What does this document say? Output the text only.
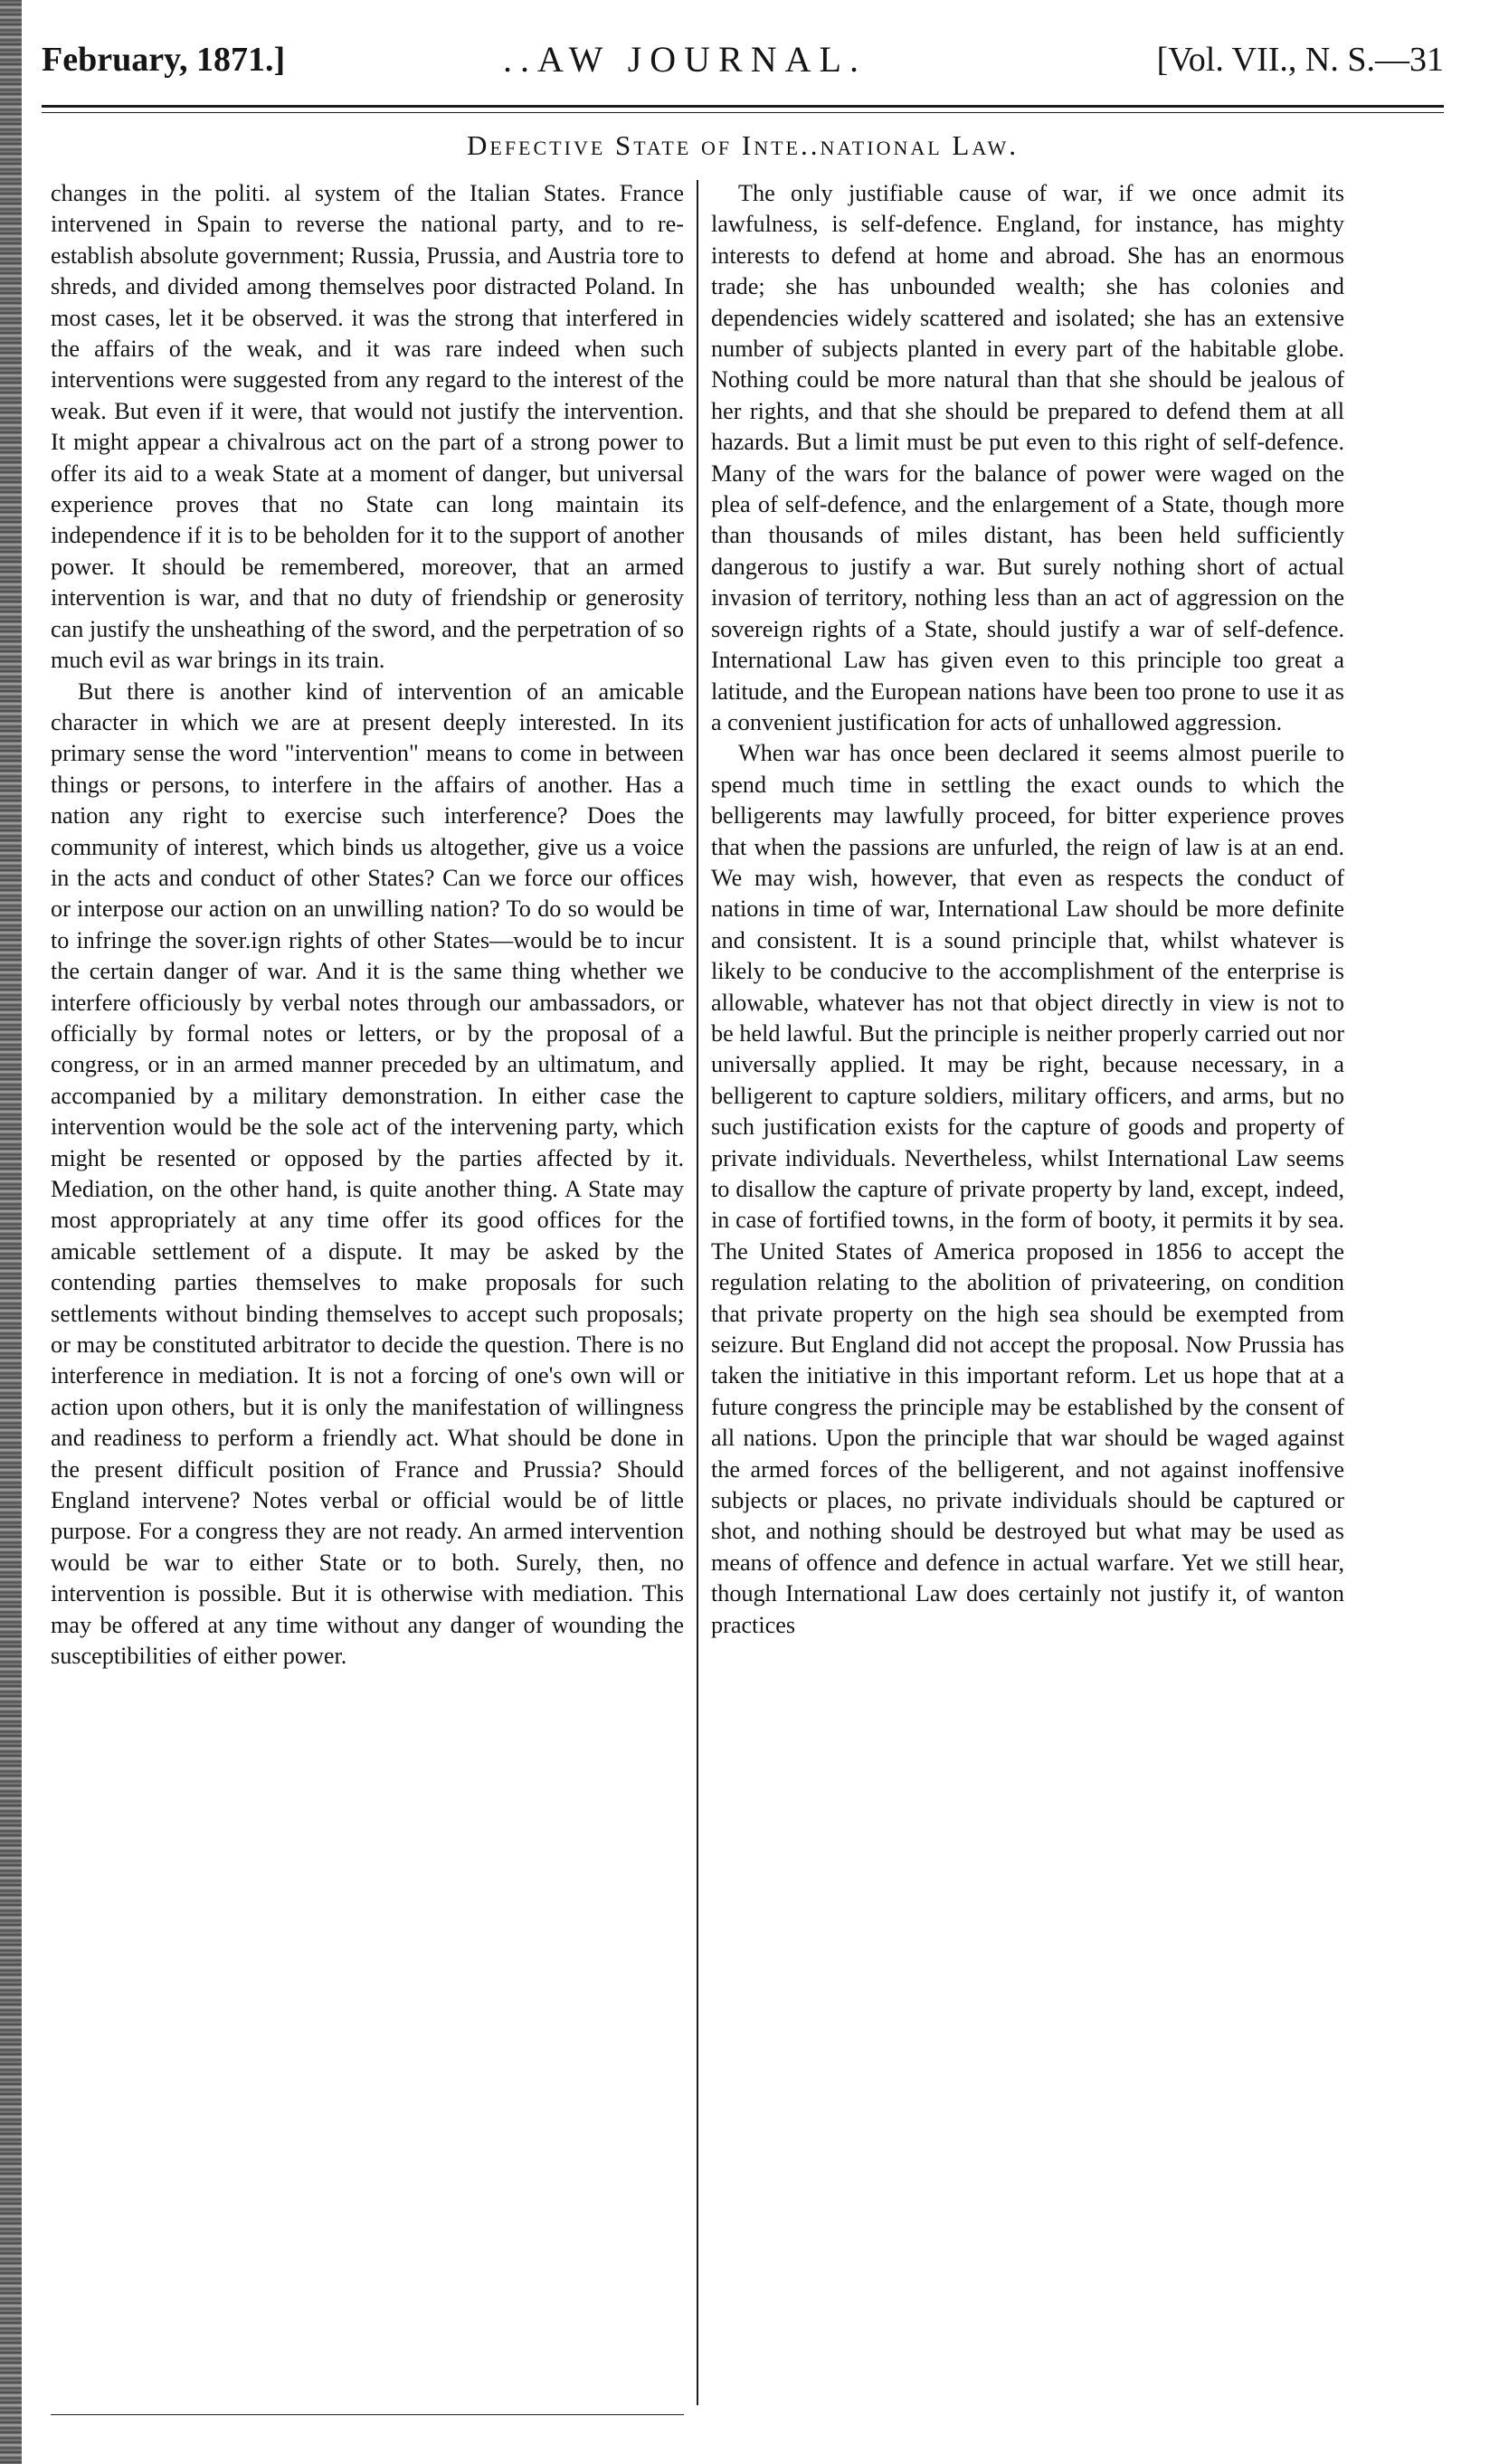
February, 1871.]	..AW JOURNAL.	[Vol. VII., N. S.—31
Defective State of Inte..national Law.

changes in the politi. al system of the Italian States. France intervened in Spain to reverse the national party, and to re-establish absolute government; Russia, Prussia, and Austria tore to shreds, and divided among themselves poor distracted Poland. In most cases, let it be observed. it was the strong that interfered in the affairs of the weak, and it was rare indeed when such interventions were suggested from any regard to the interest of the weak. But even if it were, that would not justify the intervention. It might appear a chivalrous act on the part of a strong power to offer its aid to a weak State at a moment of danger, but universal experience proves that no State can long maintain its independence if it is to be beholden for it to the support of another power. It should be remembered, moreover, that an armed intervention is war, and that no duty of friendship or generosity can justify the unsheathing of the sword, and the perpetration of so much evil as war brings in its train.

But there is another kind of intervention of an amicable character in which we are at present deeply interested. In its primary sense the word "intervention" means to come in between things or persons, to interfere in the affairs of another. Has a nation any right to exercise such interference? Does the community of interest, which binds us altogether, give us a voice in the acts and conduct of other States? Can we force our offices or interpose our action on an unwilling nation? To do so would be to infringe the sover.ign rights of other States—would be to incur the certain danger of war. And it is the same thing whether we interfere officiously by verbal notes through our ambassadors, or officially by formal notes or letters, or by the proposal of a congress, or in an armed manner preceded by an ultimatum, and accompanied by a military demonstration. In either case the intervention would be the sole act of the intervening party, which might be resented or opposed by the parties affected by it. Mediation, on the other hand, is quite another thing. A State may most appropriately at any time offer its good offices for the amicable settlement of a dispute. It may be asked by the contending parties themselves to make proposals for such settlements without binding themselves to accept such proposals; or may be constituted arbitrator to decide the question. There is no interference in mediation. It is not a forcing of one's own will or action upon others, but it is only the manifestation of willingness and readiness to perform a friendly act. What should be done in the present difficult position of France and Prussia? Should England intervene? Notes verbal or official would be of little purpose. For a congress they are not ready. An armed intervention would be war to either State or to both. Surely, then, no intervention is possible. But it is otherwise with mediation. This may be offered at any time without any danger of wounding the susceptibilities of either power.

The only justifiable cause of war, if we once admit its lawfulness, is self-defence. England, for instance, has mighty interests to defend at home and abroad. She has an enormous trade; she has unbounded wealth; she has colonies and dependencies widely scattered and isolated; she has an extensive number of subjects planted in every part of the habitable globe. Nothing could be more natural than that she should be jealous of her rights, and that she should be prepared to defend them at all hazards. But a limit must be put even to this right of self-defence. Many of the wars for the balance of power were waged on the plea of self-defence, and the enlargement of a State, though more than thousands of miles distant, has been held sufficiently dangerous to justify a war. But surely nothing short of actual invasion of territory, nothing less than an act of aggression on the sovereign rights of a State, should justify a war of self-defence. International Law has given even to this principle too great a latitude, and the European nations have been too prone to use it as a convenient justification for acts of unhallowed aggression.

When war has once been declared it seems almost puerile to spend much time in settling the exact ounds to which the belligerents may lawfully proceed, for bitter experience proves that when the passions are unfurled, the reign of law is at an end. We may wish, however, that even as respects the conduct of nations in time of war, International Law should be more definite and consistent. It is a sound principle that, whilst whatever is likely to be conducive to the accomplishment of the enterprise is allowable, whatever has not that object directly in view is not to be held lawful. But the principle is neither properly carried out nor universally applied. It may be right, because necessary, in a belligerent to capture soldiers, military officers, and arms, but no such justification exists for the capture of goods and property of private individuals. Nevertheless, whilst International Law seems to disallow the capture of private property by land, except, indeed, in case of fortified towns, in the form of booty, it permits it by sea. The United States of America proposed in 1856 to accept the regulation relating to the abolition of privateering, on condition that private property on the high sea should be exempted from seizure. But England did not accept the proposal. Now Prussia has taken the initiative in this important reform. Let us hope that at a future congress the principle may be established by the consent of all nations. Upon the principle that war should be waged against the armed forces of the belligerent, and not against inoffensive subjects or places, no private individuals should be captured or shot, and nothing should be destroyed but what may be used as means of offence and defence in actual warfare. Yet we still hear, though International Law does certainly not justify it, of wanton practices
